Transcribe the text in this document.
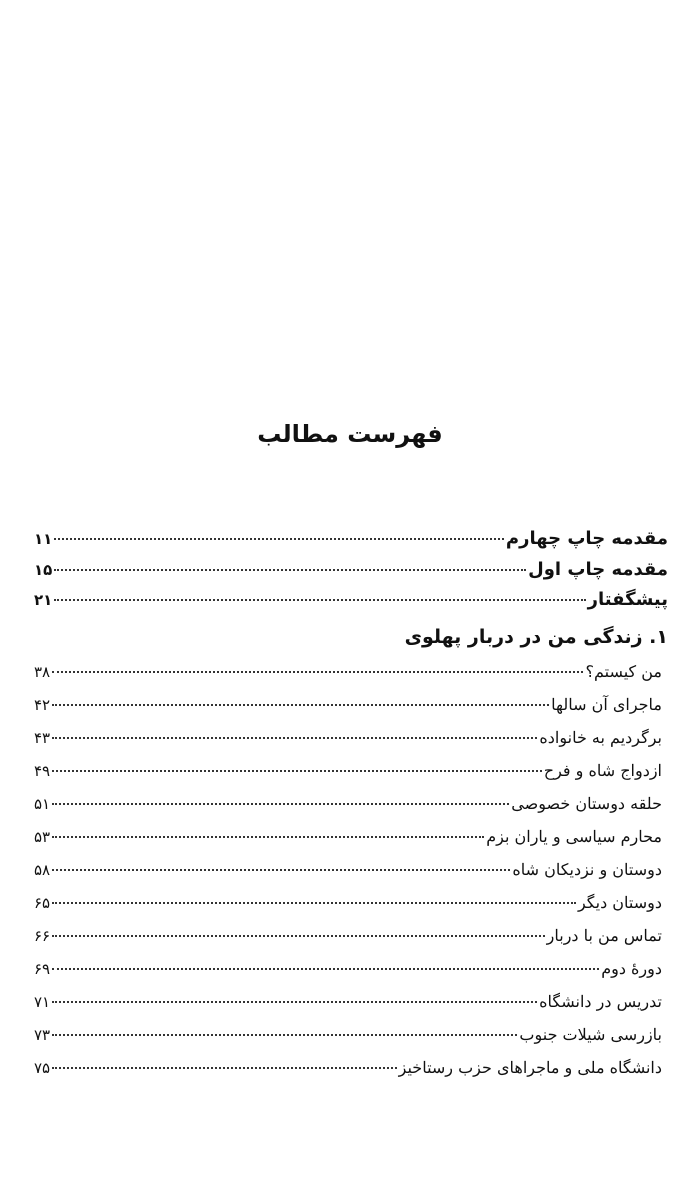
فهرست مطالب
مقدمه چاپ چهارم
۱۱
مقدمه چاپ اول
۱۵
پیشگفتار
۲۱
۱. زندگی من در دربار پهلوی
من کیستم؟
۳۸
ماجرای آن سالها
۴۲
برگردیم به خانواده
۴۳
ازدواج شاه و فرح
۴۹
حلقه دوستان خصوصی
۵۱
محارم سیاسی و یاران بزم
۵۳
دوستان و نزدیکان شاه
۵۸
دوستان دیگر
۶۵
تماس من با دربار
۶۶
دورهٔ دوم
۶۹
تدریس در دانشگاه
۷۱
بازرسی شیلات جنوب
۷۳
دانشگاه ملی و ماجراهای حزب رستاخیز
۷۵
